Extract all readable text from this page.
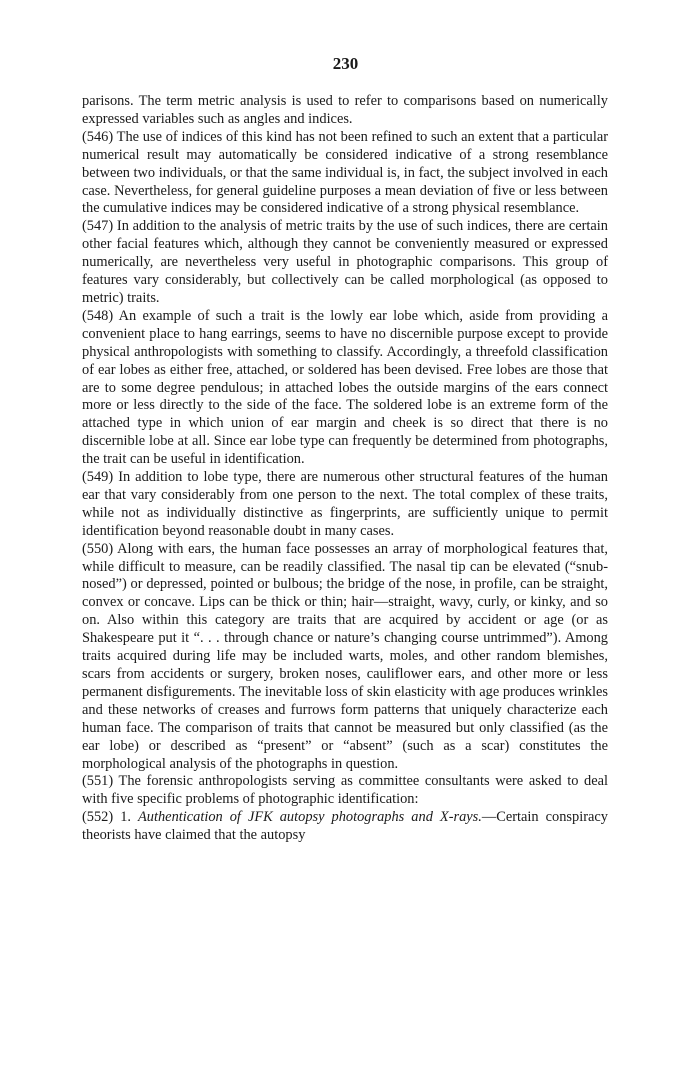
230

parisons. The term metric analysis is used to refer to comparisons based on numerically expressed variables such as angles and indices.

(546) The use of indices of this kind has not been refined to such an extent that a particular numerical result may automatically be considered indicative of a strong resemblance between two individuals, or that the same individual is, in fact, the subject involved in each case. Nevertheless, for general guideline purposes a mean deviation of five or less between the cumulative indices may be considered indicative of a strong physical resemblance.

(547) In addition to the analysis of metric traits by the use of such indices, there are certain other facial features which, although they cannot be conveniently measured or expressed numerically, are nevertheless very useful in photographic comparisons. This group of features vary considerably, but collectively can be called morphological (as opposed to metric) traits.

(548) An example of such a trait is the lowly ear lobe which, aside from providing a convenient place to hang earrings, seems to have no discernible purpose except to provide physical anthropologists with something to classify. Accordingly, a threefold classification of ear lobes as either free, attached, or soldered has been devised. Free lobes are those that are to some degree pendulous; in attached lobes the outside margins of the ears connect more or less directly to the side of the face. The soldered lobe is an extreme form of the attached type in which union of ear margin and cheek is so direct that there is no discernible lobe at all. Since ear lobe type can frequently be determined from photographs, the trait can be useful in identification.

(549) In addition to lobe type, there are numerous other structural features of the human ear that vary considerably from one person to the next. The total complex of these traits, while not as individually distinctive as fingerprints, are sufficiently unique to permit identification beyond reasonable doubt in many cases.

(550) Along with ears, the human face possesses an array of morphological features that, while difficult to measure, can be readily classified. The nasal tip can be elevated (“snub-nosed”) or depressed, pointed or bulbous; the bridge of the nose, in profile, can be straight, convex or concave. Lips can be thick or thin; hair—straight, wavy, curly, or kinky, and so on. Also within this category are traits that are acquired by accident or age (or as Shakespeare put it “. . . through chance or nature’s changing course untrimmed”). Among traits acquired during life may be included warts, moles, and other random blemishes, scars from accidents or surgery, broken noses, cauliflower ears, and other more or less permanent disfigurements. The inevitable loss of skin elasticity with age produces wrinkles and these networks of creases and furrows form patterns that uniquely characterize each human face. The comparison of traits that cannot be measured but only classified (as the ear lobe) or described as “present” or “absent” (such as a scar) constitutes the morphological analysis of the photographs in question.

(551) The forensic anthropologists serving as committee consultants were asked to deal with five specific problems of photographic identification:

(552) 1. Authentication of JFK autopsy photographs and X-rays.—Certain conspiracy theorists have claimed that the autopsy
